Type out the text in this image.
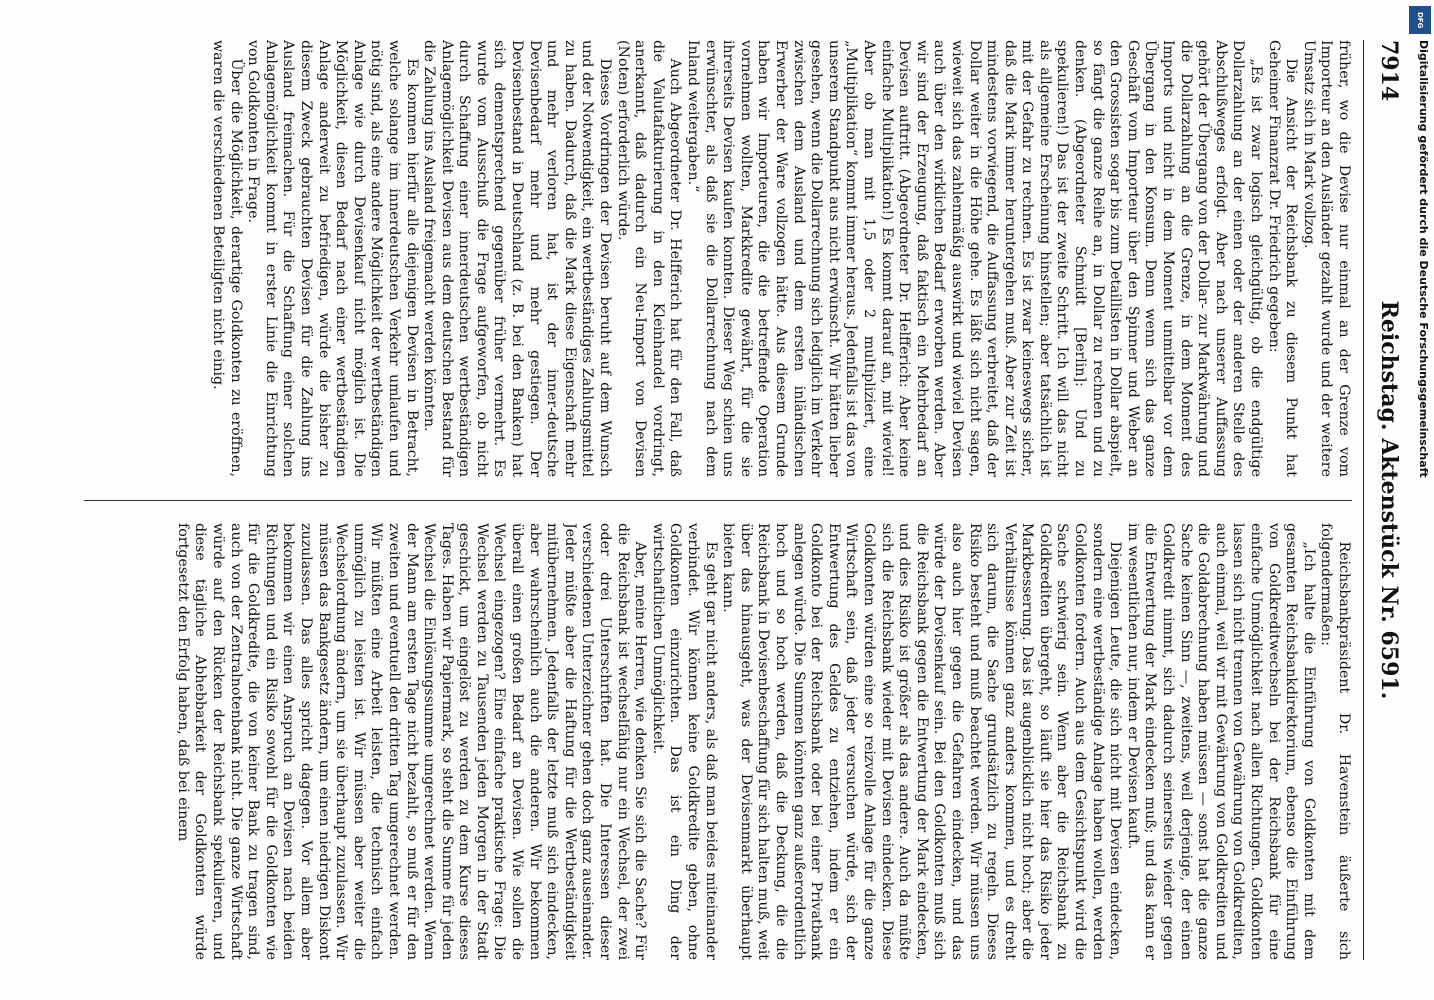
7914
Reichstag. Aktenstück Nr. 6591.

früher, wo die Devise nur einmal an der Grenze vom Importeur an den Ausländer gezahlt wurde und der weitere Umsatz sich in Mark vollzog.

Die Ansicht der Reichsbank zu diesem Punkt hat Geheimer Finanzrat Dr. Friedrich gegeben:

„Es ist zwar logisch gleichgültig, ob die endgültige Dollarzahlung an der einen oder der anderen Stelle des Abschlußweges erfolgt. Aber nach unserer Auffassung gehört der Übergang von der Dollar- zur Markwährung und die Dollarzahlung an die Grenze, in dem Moment des Imports und nicht in dem Moment unmittelbar vor dem Übergang in den Konsum. Denn wenn sich das ganze Geschäft vom Importeur über den Spinner und Weber an den Grossisten sogar bis zum Detaillisten in Dollar abspielt, so fängt die ganze Reihe an, in Dollar zu rechnen und zu denken. (Abgeordneter Schmidt [Berlin]: Und zu spekulieren!) Das ist der zweite Schritt. Ich will das nicht als allgemeine Erscheinung hinstellen; aber tatsächlich ist mit der Gefahr zu rechnen. Es ist zwar keineswegs sicher, daß die Mark immer heruntergehen muß. Aber zur Zeit ist mindestens vorwiegend, die Auffassung verbreitet, daß der Dollar weiter in die Höhe gehe. Es läßt sich nicht sagen, wieweit sich das zahlenmäßig auswirkt und wieviel Devisen auch über den wirklichen Bedarf erworben werden. Aber wir sind der Erzeugung, daß faktisch ein Mehrbedarf an Devisen auftritt. (Abgeordneter Dr. Helfferich: Aber keine einfache Multiplikation!) Es kommt darauf an, mit wieviel! Aber ob man mit 1,5 oder 2 multipliziert, eine „Multiplikation“ kommt immer heraus. Jedenfalls ist das von unserem Standpunkt aus nicht erwünscht. Wir hätten lieber gesehen, wenn die Dollarrechnung sich lediglich im Verkehr zwischen dem Ausland und dem ersten inländischen Erwerber der Ware vollzogen hätte. Aus diesem Grunde haben wir Importeuren, die die betreffende Operation vornehmen wollten, Markkredite gewährt, für die sie ihrerseits Devisen kaufen konnten. Dieser Weg schien uns erwünschter, als daß sie die Dollarrechnung nach dem Inland weitergaben.“

Auch Abgeordneter Dr. Helfferich hat für den Fall, daß die Valutafakturierung in den Kleinhandel vordringt, anerkannt, daß dadurch ein Neu-Import von Devisen (Noten) erforderlich würde.

Dieses Vordringen der Devisen beruht auf dem Wunsch und der Notwendigkeit, ein wertbeständiges Zahlungsmittel zu haben. Dadurch, daß die Mark diese Eigenschaft mehr und mehr verloren hat, ist der inner-deutsche Devisenbedarf mehr und mehr gestiegen. Der Devisenbestand in Deutschland (z. B. bei den Banken) hat sich dementsprechend gegenüber früher vermehrt. Es wurde vom Ausschuß die Frage aufgeworfen, ob nicht durch Schaffung einer innerdeutschen wertbeständigen Anlagemöglichkeit Devisen aus dem deutschen Bestand für die Zahlung ins Ausland freigemacht werden könnten.

Es kommen hierfür alle diejenigen Devisen in Betracht, welche solange im innerdeutschen Verkehr umlaufen und nötig sind, als eine andere Möglichkeit der wertbeständigen Anlage wie durch Devisenkauf nicht möglich ist. Die Möglichkeit, diesen Bedarf nach einer wertbeständigen Anlage anderweit zu befriedigen, würde die bisher zu diesem Zweck gebrauchten Devisen für die Zahlung ins Ausland freimachen. Für die Schaffung einer solchen Anlagemöglichkeit kommt in erster Linie die Einrichtung von Goldkonten in Frage.

Über die Möglichkeit, derartige Goldkonten zu eröffnen, waren die verschiedenen Beteiligten nicht einig.

Reichsbankpräsident Dr. Havenstein äußerte sich folgendermaßen:

„Ich halte die Einführung von Goldkonten mit dem gesamten Reichsbankdirektorium, ebenso die Einführung von Goldkreditwechseln bei der Reichsbank für eine einfache Unmöglichkeit nach allen Richtungen. Goldkonten lassen sich nicht trennen von Gewährung von Goldkrediten, auch einmal, weil wir mit Gewährung von Goldkrediten und die Goldabrechnung haben müssen — sonst hat die ganze Sache keinen Sinn —, zweitens, weil derjenige, der einen Goldkredit nimmt, sich dadurch seinerseits wieder gegen die Entwertung der Mark eindecken muß; und das kann er im wesentlichen nur, indem er Devisen kauft.

Diejenigen Leute, die sich nicht mit Devisen eindecken, sondern eine wertbeständige Anlage haben wollen, werden Goldkonten fordern. Auch aus dem Gesichtspunkt wird die Sache schwierig sein. Wenn aber die Reichsbank zu Goldkrediten übergeht, so läuft sie hier das Risiko jeder Markbesserung. Das ist augenblicklich nicht hoch; aber die Verhältnisse können ganz anders kommen, und es dreht sich darum, die Sache grundsätzlich zu regeln. Dieses Risiko besteht und muß beachtet werden. Wir müssen uns also auch hier gegen die Gefahren eindecken, und das würde der Devisenkauf sein. Bei den Goldkonten muß sich die Reichsbank gegen die Entwertung der Mark eindecken, und dies Risiko ist größer als das andere. Auch da müßte sich die Reichsbank wieder mit Devisen eindecken. Diese Goldkonten würden eine so reizvolle Anlage für die ganze Wirtschaft sein, daß jeder versuchen würde, sich der Entwertung des Geldes zu entziehen, indem er ein Goldkonto bei der Reichsbank oder bei einer Privatbank anlegen würde. Die Summen könnten ganz außerordentlich hoch und so hoch werden, daß die Deckung, die die Reichsbank in Devisenbeschaffung für sich halten muß, weit über das hinausgeht, was der Devisenmarkt überhaupt bieten kann.

Es geht gar nicht anders, als daß man beides miteinander verbindet. Wir können keine Goldkredite geben, ohne Goldkonten einzurichten. Das ist ein Ding der wirtschaftlichen Unmöglichkeit.

Aber, meine Herren, wie denken Sie sich die Sache? Für die Reichsbank ist wechselfähig nur ein Wechsel, der zwei oder drei Unterschriften hat. Die Interessen dieser verschiedenen Unterzeichner gehen doch ganz auseinander. Jeder müßte aber die Haftung für die Wertbeständigkeit mitübernehmen. Jedenfalls der letzte muß sich eindecken, aber wahrscheinlich auch die anderen. Wir bekommen überall einen großen Bedarf an Devisen. Wie sollen die Wechsel eingezogen? Eine einfache praktische Frage: Die Wechsel werden zu Tausenden jeden Morgen in der Stadt geschickt, um eingelöst zu werden zu dem Kurse dieses Tages. Haben wir Papiermark, so steht die Summe für jeden Wechsel die Einlösungssumme umgerechnet werden. Wenn der Mann am ersten Tage nicht bezahlt, so muß er für den zweiten und eventuell den dritten Tag umgerechnet werden. Wir müßten eine Arbeit leisten, die technisch einfach unmöglich zu leisten ist. Wir müssen aber weiter die Wechselordnung ändern, um sie überhaupt zuzulassen. Wir müssen das Bankgesetz ändern, um einen niedrigen Diskont zuzulassen. Das alles spricht dagegen. Vor allem aber bekommen wir einen Anspruch an Devisen nach beiden Richtungen und ein Risiko sowohl für die Goldkonten wie für die Goldkredite, die von keiner Bank zu tragen sind, auch von der Zentralnotenbank nicht. Die ganze Wirtschaft würde auf den Rücken der Reichsbank spekulieren, und diese tägliche Abhebbarkeit der Goldkonten würde fortgesetzt den Erfolg haben, daß bei einem

DFG
Digitalisierung gefördert durch die Deutsche Forschungsgemeinschaft
